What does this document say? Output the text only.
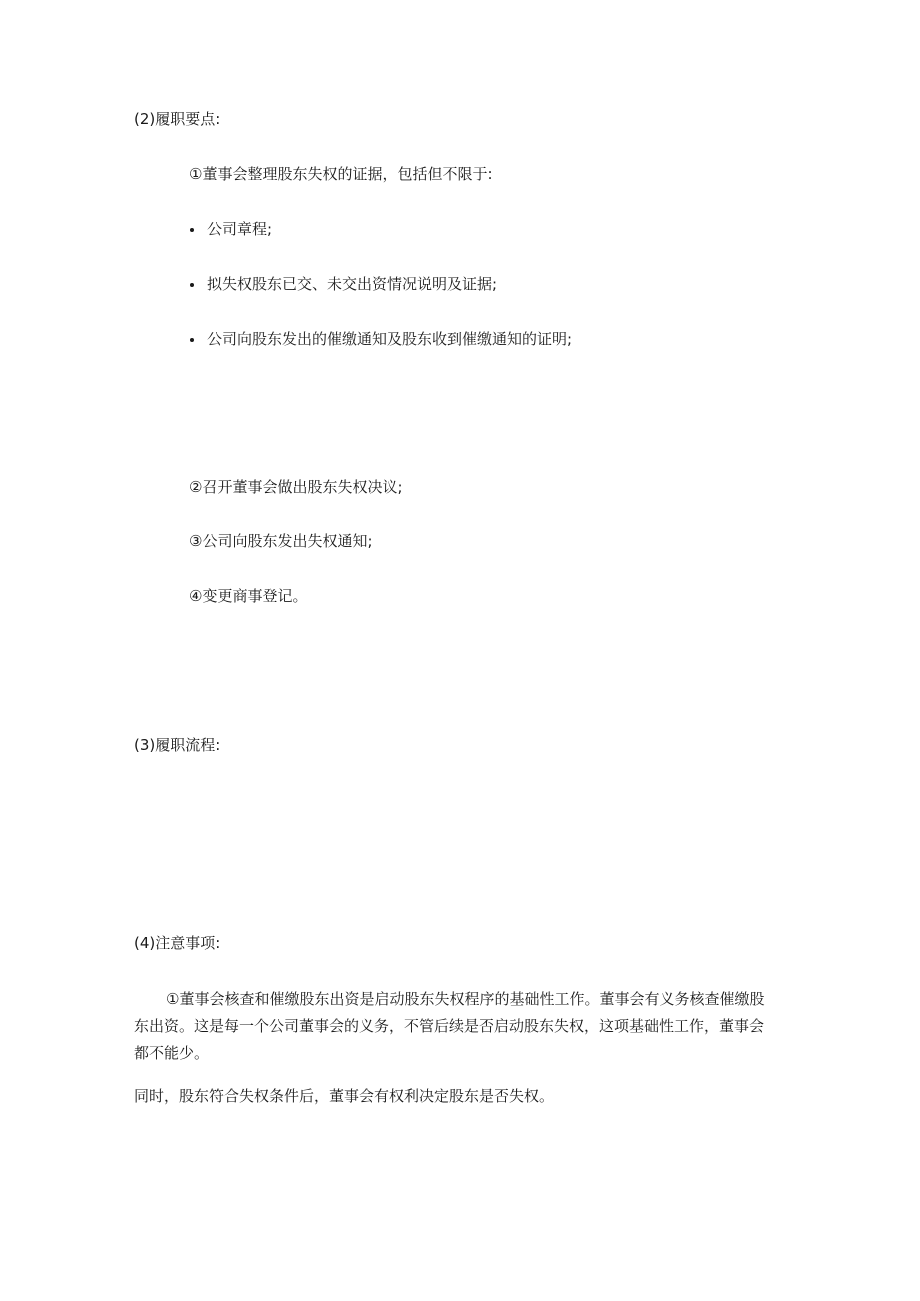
(2)履职要点:
①董事会整理股东失权的证据，包括但不限于:
公司章程;
拟失权股东已交、未交出资情况说明及证据;
公司向股东发出的催缴通知及股东收到催缴通知的证明;
②召开董事会做出股东失权决议;
③公司向股东发出失权通知;
④变更商事登记。
(3)履职流程:
(4)注意事项:
①董事会核查和催缴股东出资是启动股东失权程序的基础性工作。董事会有义务核查催缴股
东出资。这是每一个公司董事会的义务，不管后续是否启动股东失权，这项基础性工作，董事会
都不能少。
同时，股东符合失权条件后，董事会有权利决定股东是否失权。
